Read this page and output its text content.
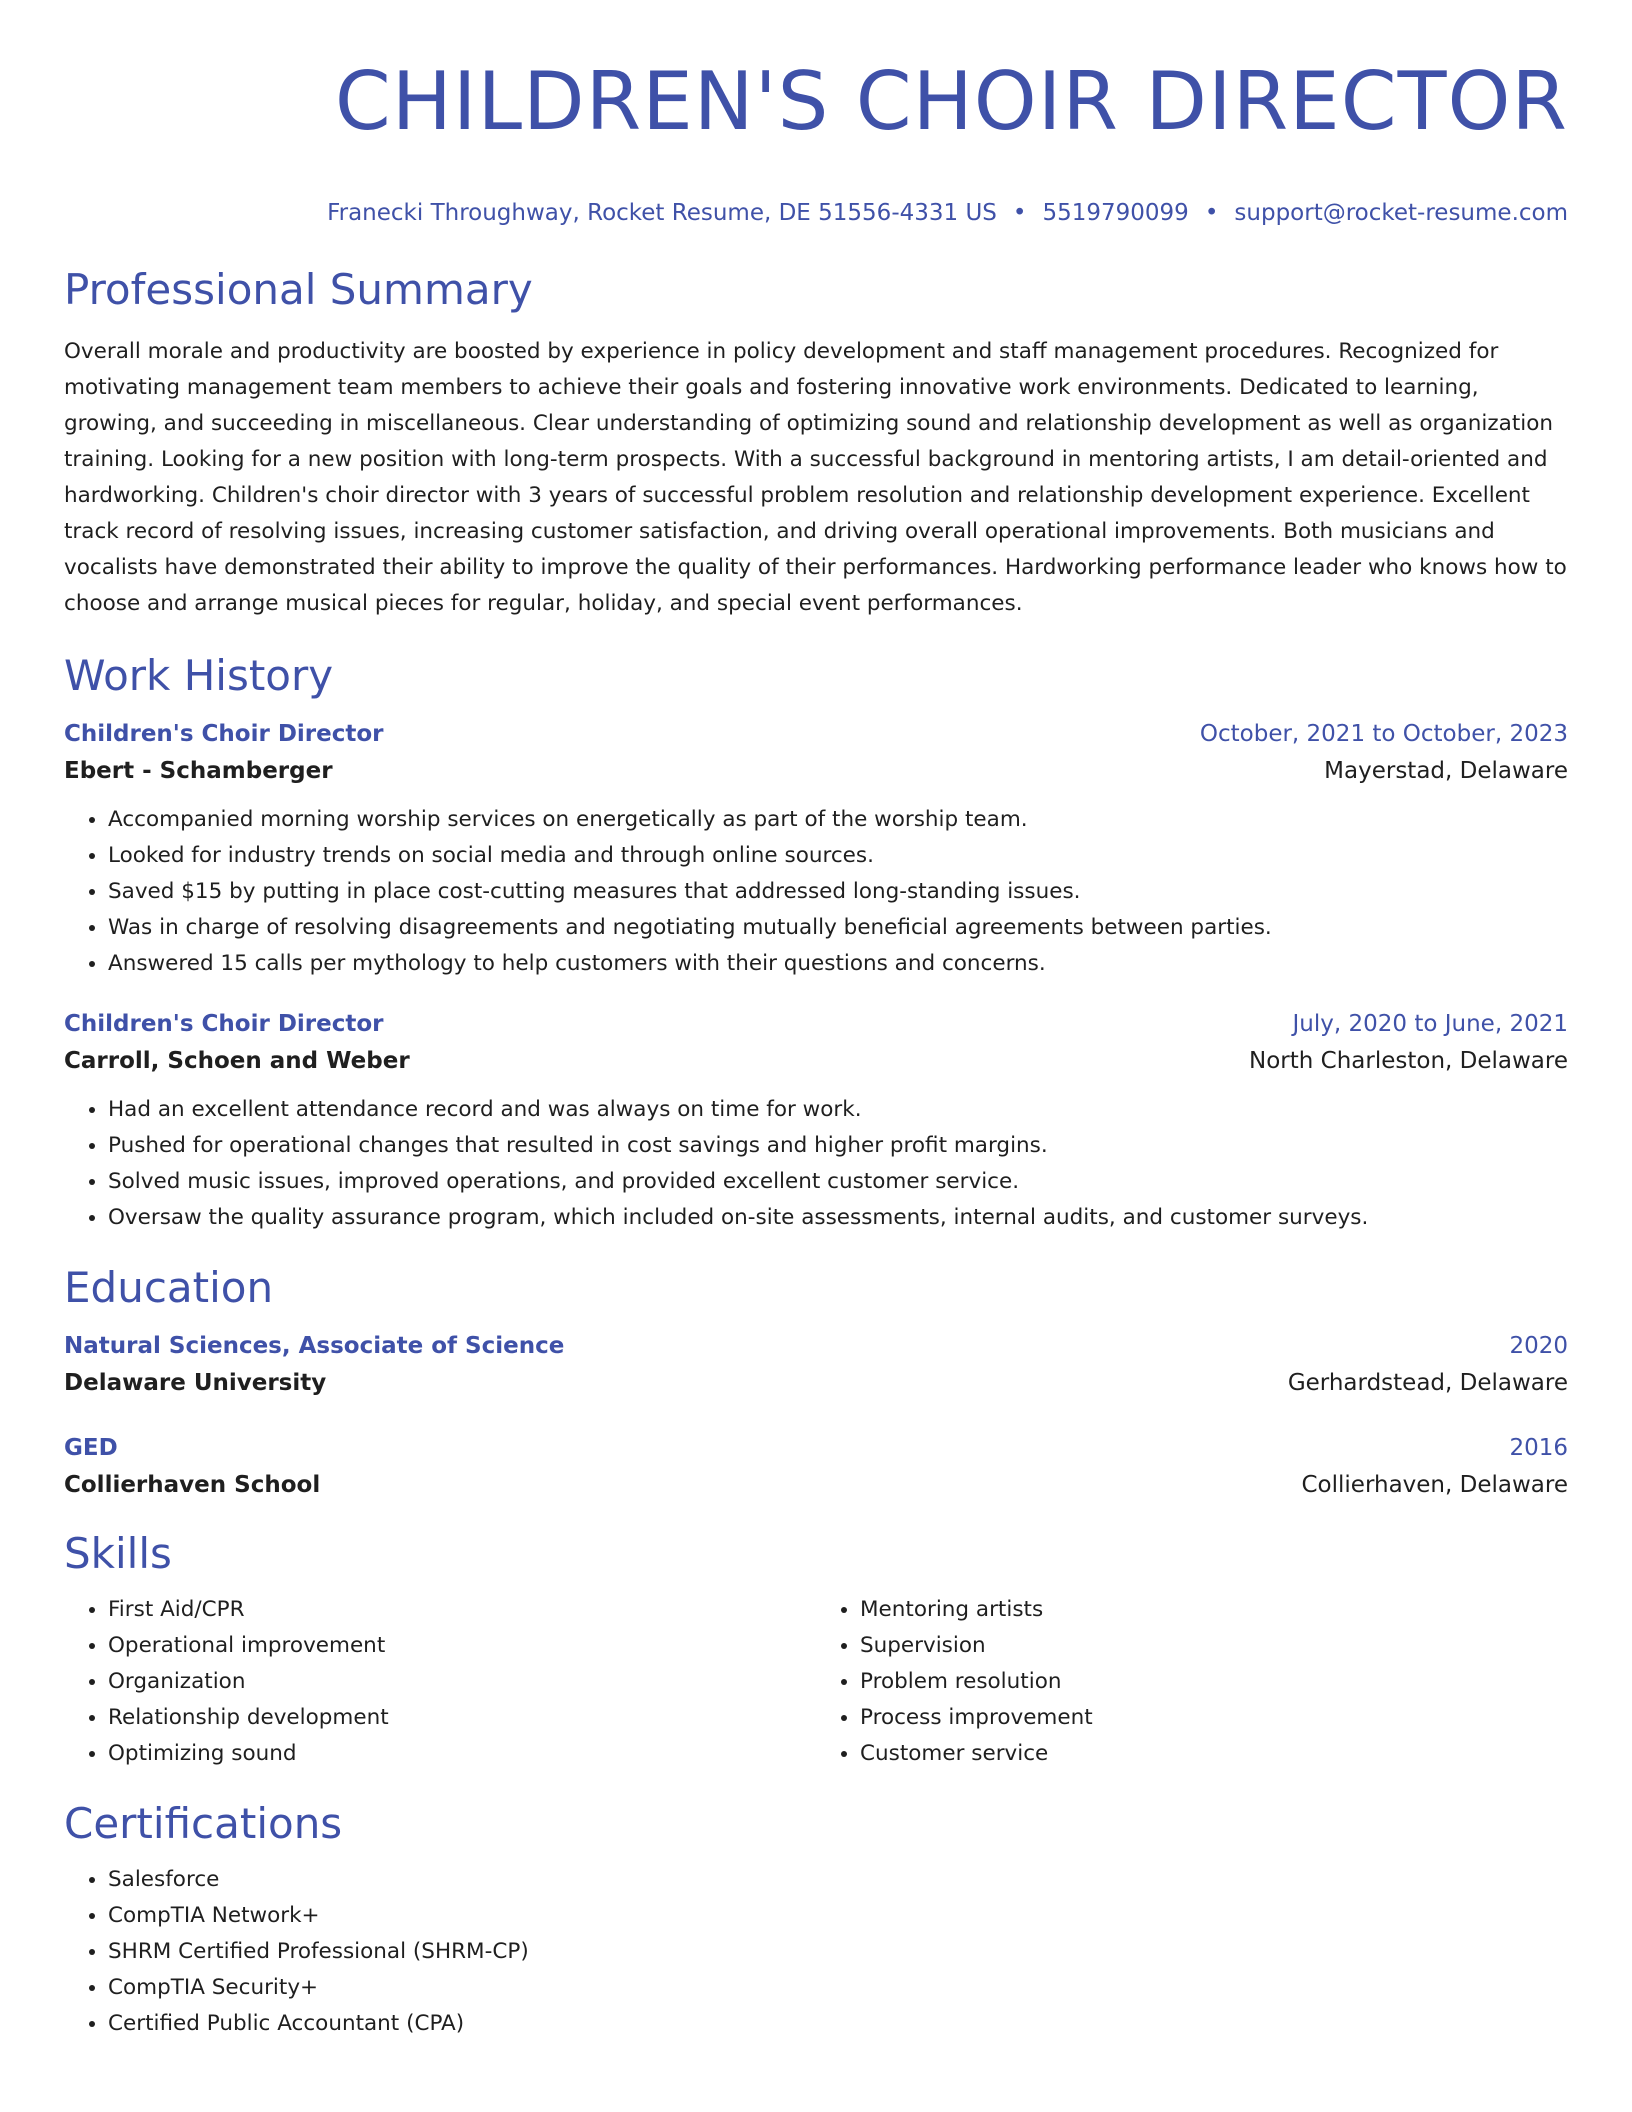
CHILDREN'S CHOIR DIRECTOR
Franecki Throughway, Rocket Resume, DE 51556-4331 US • 5519790099 • support@rocket-resume.com
Professional Summary

Overall morale and productivity are boosted by experience in policy development and staff management procedures. Recognized for motivating management team members to achieve their goals and fostering innovative work environments. Dedicated to learning, growing, and succeeding in miscellaneous. Clear understanding of optimizing sound and relationship development as well as organization training. Looking for a new position with long-term prospects. With a successful background in mentoring artists, I am detail-oriented and hardworking. Children's choir director with 3 years of successful problem resolution and relationship development experience. Excellent track record of resolving issues, increasing customer satisfaction, and driving overall operational improvements. Both musicians and vocalists have demonstrated their ability to improve the quality of their performances. Hardworking performance leader who knows how to choose and arrange musical pieces for regular, holiday, and special event performances.

Work History
Children's Choir Director	October, 2021 to October, 2023
Ebert - Schamberger	Mayerstad, Delaware
• Accompanied morning worship services on energetically as part of the worship team.
• Looked for industry trends on social media and through online sources.
• Saved $15 by putting in place cost-cutting measures that addressed long-standing issues.
• Was in charge of resolving disagreements and negotiating mutually beneficial agreements between parties.
• Answered 15 calls per mythology to help customers with their questions and concerns.
Children's Choir Director	July, 2020 to June, 2021
Carroll, Schoen and Weber	North Charleston, Delaware
• Had an excellent attendance record and was always on time for work.
• Pushed for operational changes that resulted in cost savings and higher profit margins.
• Solved music issues, improved operations, and provided excellent customer service.
• Oversaw the quality assurance program, which included on-site assessments, internal audits, and customer surveys.
Education
Natural Sciences, Associate of Science	2020
Delaware University	Gerhardstead, Delaware
GED	2016
Collierhaven School	Collierhaven, Delaware
Skills
• First Aid/CPR
• Operational improvement
• Organization
• Relationship development
• Optimizing sound
• Mentoring artists
• Supervision
• Problem resolution
• Process improvement
• Customer service
Certifications
• Salesforce
• CompTIA Network+
• SHRM Certified Professional (SHRM-CP)
• CompTIA Security+
• Certified Public Accountant (CPA)
